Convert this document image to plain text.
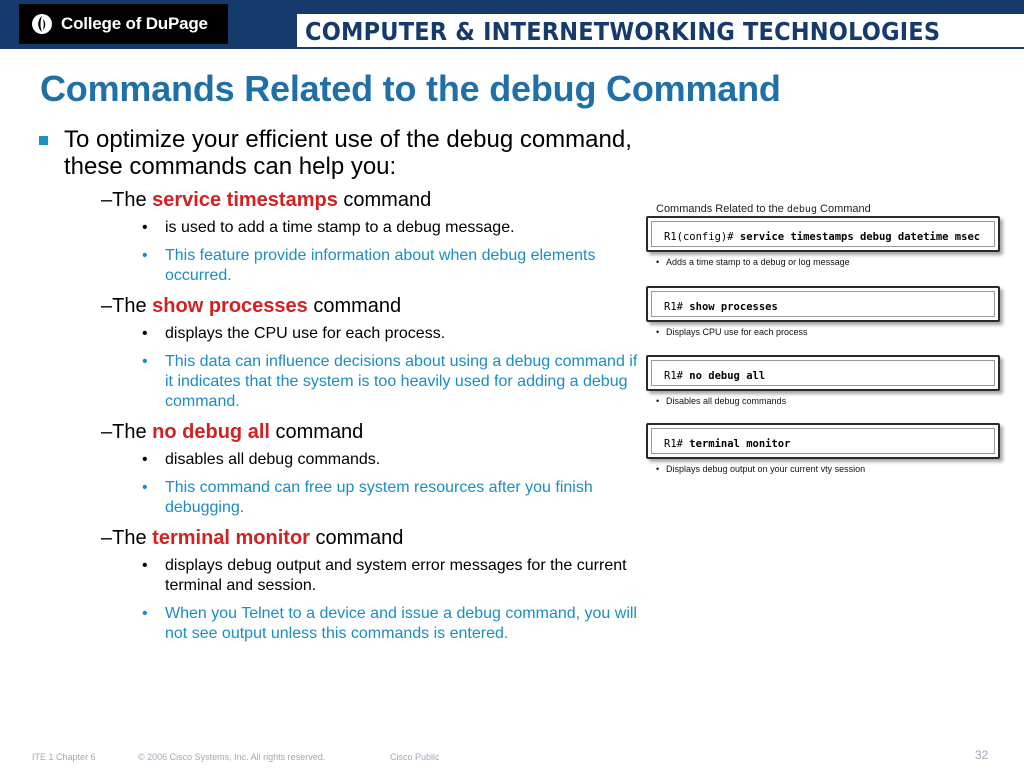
College of DuPage	COMPUTER & INTERNETWORKING TECHNOLOGIES
Commands Related to the debug Command
To optimize your efficient use of the debug command, these commands can help you:
–The service timestamps command
• is used to add a time stamp to a debug message.
• This feature provide information about when debug elements occurred.
–The show processes command
• displays the CPU use for each process.
• This data can influence decisions about using a debug command if it indicates that the system is too heavily used for adding a debug command.
–The no debug all command
• disables all debug commands.
• This command can free up system resources after you finish debugging.
–The terminal monitor command
• displays debug output and system error messages for the current terminal and session.
• When you Telnet to a device and issue a debug command, you will not see output unless this commands is entered.
Commands Related to the debug Command
R1(config)# service timestamps debug datetime msec
• Adds a time stamp to a debug or log message
R1# show processes
• Displays CPU use for each process
R1# no debug all
• Disables all debug commands
R1# terminal monitor
• Displays debug output on your current vty session
ITE 1 Chapter 6	© 2006 Cisco Systems, Inc. All rights reserved.	Cisco Public	32
